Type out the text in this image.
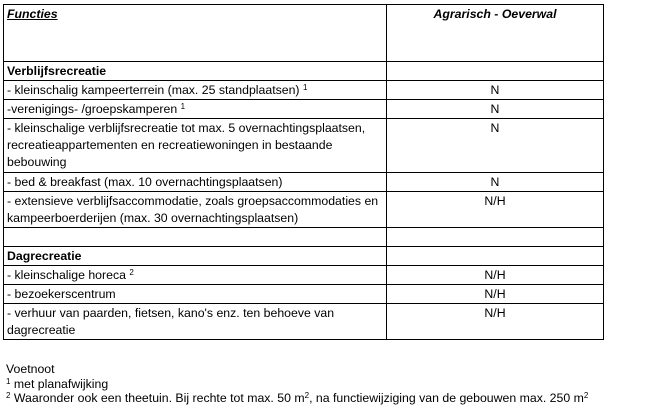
Functies	Agrarisch - Oeverwal
Verblijfsrecreatie	
- kleinschalig kampeerterrein (max. 25 standplaatsen) $^1$	N
-verenigings- /groepskamperen $^1$	N
- kleinschalige verblijfsrecreatie tot max. 5 overnachtingsplaatsen, recreatieappartementen en recreatiewoningen in bestaande bebouwing	N
- bed & breakfast (max. 10 overnachtingsplaatsen)	N
- extensieve verblijfsaccommodatie, zoals groepsaccommodaties en kampeerboerderijen (max. 30 overnachtingsplaatsen)	N/H

Dagrecreatie	
- kleinschalige horeca $^2$	N/H
- bezoekerscentrum	N/H
- verhuur van paarden, fietsen, kano's enz. ten behoeve van dagrecreatie	N/H
Voetnoot
$^1$ met planafwijking
$^2$ Waaronder ook een theetuin. Bij rechte tot max. 50 $m^2$, na functiewijziging van de gebouwen max. 250 $m^2$
